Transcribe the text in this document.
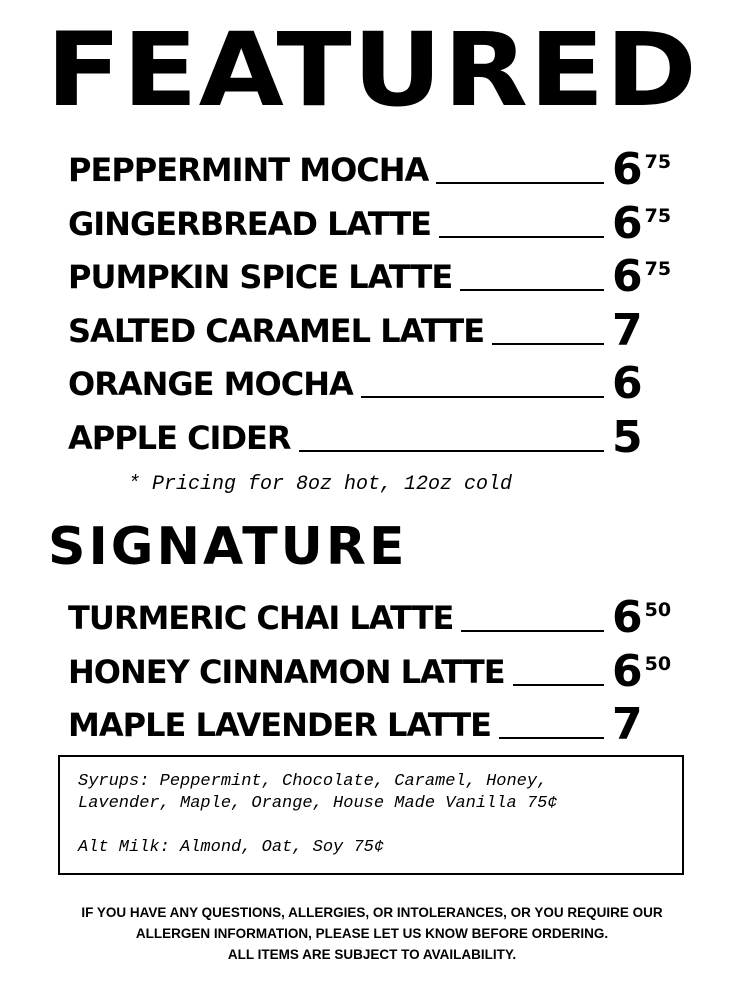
FEATURED
PEPPERMINT MOCHA	6 75
GINGERBREAD LATTE	6 75
PUMPKIN SPICE LATTE	6 75
SALTED CARAMEL LATTE	7
ORANGE MOCHA	6
APPLE CIDER	5
* Pricing for 8oz hot, 12oz cold
SIGNATURE
TURMERIC CHAI LATTE	6 50
HONEY CINNAMON LATTE 6 50
MAPLE LAVENDER LATTE	7

Syrups: Peppermint, Chocolate, Caramel, Honey,

Lavender, Maple, Orange, House Made Vanilla 75¢

Alt Milk: Almond, Oat, Soy 75¢

IF YOU HAVE ANY QUESTIONS, ALLERGIES, OR INTOLERANCES, OR YOU REQUIRE OUR
ALLERGEN INFORMATION, PLEASE LET US KNOW BEFORE ORDERING.
ALL ITEMS ARE SUBJECT TO AVAILABILITY.
